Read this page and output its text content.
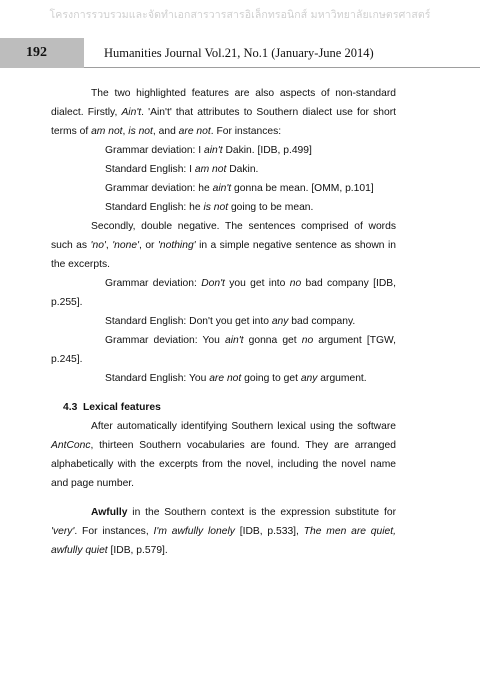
โครงการรวบรวมและจัดทำเอกสารวารสารอิเล็กทรอนิกส์ มหาวิทยาลัยเกษตรศาสตร์
192	Humanities Journal Vol.21, No.1 (January-June 2014)

The two highlighted features are also aspects of non-standard dialect. Firstly, Ain't. 'Ain't' that attributes to Southern dialect use for short terms of am not, is not, and are not. For instances:

Grammar deviation: I ain't Dakin. [IDB, p.499]

Standard English: I am not Dakin.

Grammar deviation: he ain't gonna be mean. [OMM, p.101]

Standard English: he is not going to be mean.

Secondly, double negative. The sentences comprised of words such as 'no', 'none', or 'nothing' in a simple negative sentence as shown in the excerpts.

Grammar deviation: Don't you get into no bad company [IDB, p.255].

Standard English: Don't you get into any bad company.

Grammar deviation: You ain't gonna get no argument [TGW, p.245].

Standard English: You are not going to get any argument.

4.3 Lexical features

After automatically identifying Southern lexical using the software AntConc, thirteen Southern vocabularies are found. They are arranged alphabetically with the excerpts from the novel, including the novel name and page number.

Awfully in the Southern context is the expression substitute for 'very'. For instances, I'm awfully lonely [IDB, p.533], The men are quiet, awfully quiet [IDB, p.579].
